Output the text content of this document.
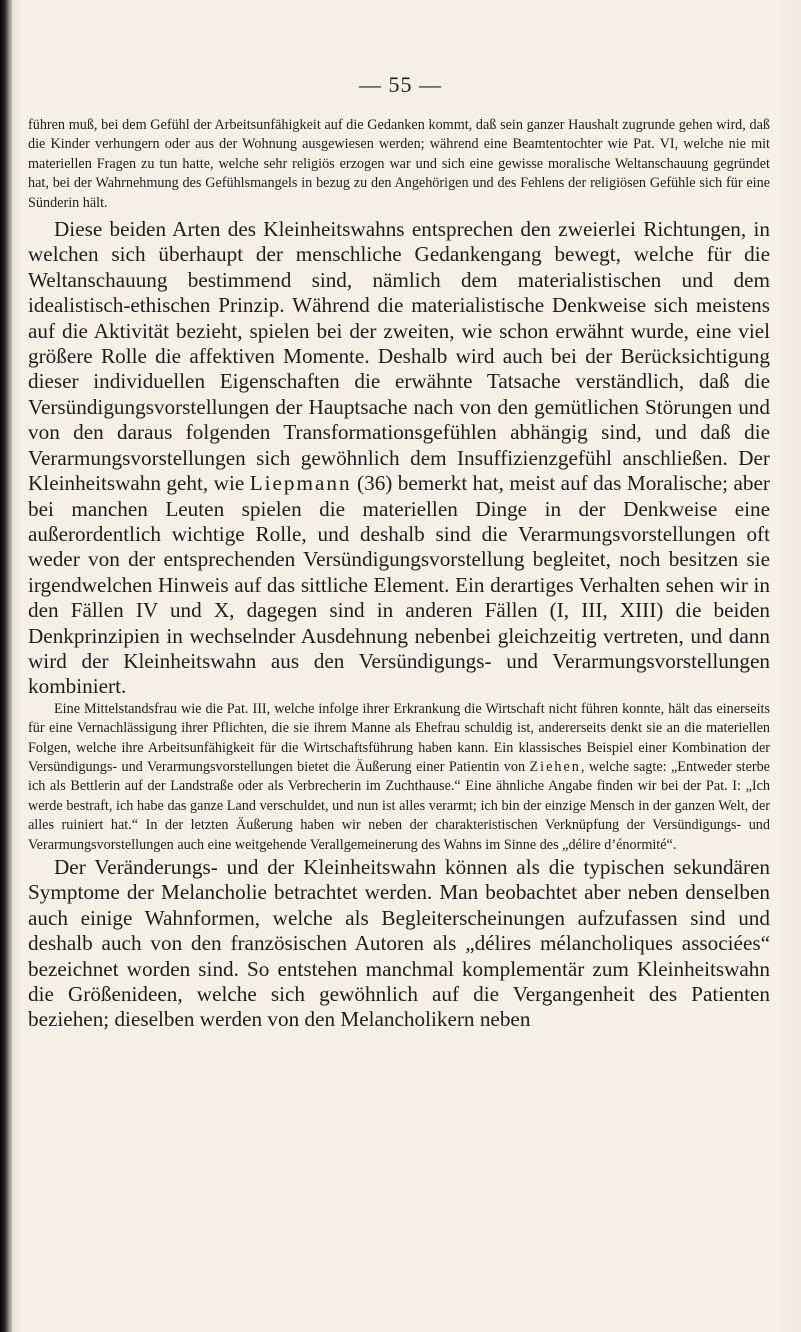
— 55 —

führen muß, bei dem Gefühl der Arbeitsunfähigkeit auf die Gedanken kommt, daß sein ganzer Haushalt zugrunde gehen wird, daß die Kinder verhungern oder aus der Wohnung ausgewiesen werden; während eine Beamtentochter wie Pat. VI, welche nie mit materiellen Fragen zu tun hatte, welche sehr religiös erzogen war und sich eine gewisse moralische Weltanschauung gegründet hat, bei der Wahrnehmung des Gefühlsmangels in bezug zu den Angehörigen und des Fehlens der religiösen Gefühle sich für eine Sünderin hält.

Diese beiden Arten des Kleinheitswahns entsprechen den zweierlei Richtungen, in welchen sich überhaupt der menschliche Gedankengang bewegt, welche für die Weltanschauung bestimmend sind, nämlich dem materialistischen und dem idealistisch-ethischen Prinzip. Während die materialistische Denkweise sich meistens auf die Aktivität bezieht, spielen bei der zweiten, wie schon erwähnt wurde, eine viel größere Rolle die affektiven Momente. Deshalb wird auch bei der Berücksichtigung dieser individuellen Eigenschaften die erwähnte Tatsache verständlich, daß die Versündigungsvorstellungen der Hauptsache nach von den gemütlichen Störungen und von den daraus folgenden Transformationsgefühlen abhängig sind, und daß die Verarmungsvorstellungen sich gewöhnlich dem Insuffizienzgefühl anschließen. Der Kleinheitswahn geht, wie Liepmann (36) bemerkt hat, meist auf das Moralische; aber bei manchen Leuten spielen die materiellen Dinge in der Denkweise eine außerordentlich wichtige Rolle, und deshalb sind die Verarmungsvorstellungen oft weder von der entsprechenden Versündigungsvorstellung begleitet, noch besitzen sie irgendwelchen Hinweis auf das sittliche Element. Ein derartiges Verhalten sehen wir in den Fällen IV und X, dagegen sind in anderen Fällen (I, III, XIII) die beiden Denkprinzipien in wechselnder Ausdehnung nebenbei gleichzeitig vertreten, und dann wird der Kleinheitswahn aus den Versündigungs- und Verarmungsvorstellungen kombiniert.

Eine Mittelstandsfrau wie die Pat. III, welche infolge ihrer Erkrankung die Wirtschaft nicht führen konnte, hält das einerseits für eine Vernachlässigung ihrer Pflichten, die sie ihrem Manne als Ehefrau schuldig ist, andererseits denkt sie an die materiellen Folgen, welche ihre Arbeitsunfähigkeit für die Wirtschaftsführung haben kann. Ein klassisches Beispiel einer Kombination der Versündigungs- und Verarmungsvorstellungen bietet die Äußerung einer Patientin von Ziehen, welche sagte: „Entweder sterbe ich als Bettlerin auf der Landstraße oder als Verbrecherin im Zuchthause.“ Eine ähnliche Angabe finden wir bei der Pat. I: „Ich werde bestraft, ich habe das ganze Land verschuldet, und nun ist alles verarmt; ich bin der einzige Mensch in der ganzen Welt, der alles ruiniert hat.“ In der letzten Äußerung haben wir neben der charakteristischen Verknüpfung der Versündigungs- und Verarmungsvorstellungen auch eine weitgehende Verallgemeinerung des Wahns im Sinne des „délire d’énormité“.

Der Veränderungs- und der Kleinheitswahn können als die typischen sekundären Symptome der Melancholie betrachtet werden. Man beobachtet aber neben denselben auch einige Wahnformen, welche als Begleiterscheinungen aufzufassen sind und deshalb auch von den französischen Autoren als „délires mélancholiques associées“ bezeichnet worden sind. So entstehen manchmal komplementär zum Kleinheitswahn die Größenideen, welche sich gewöhnlich auf die Vergangenheit des Patienten beziehen; dieselben werden von den Melancholikern neben
